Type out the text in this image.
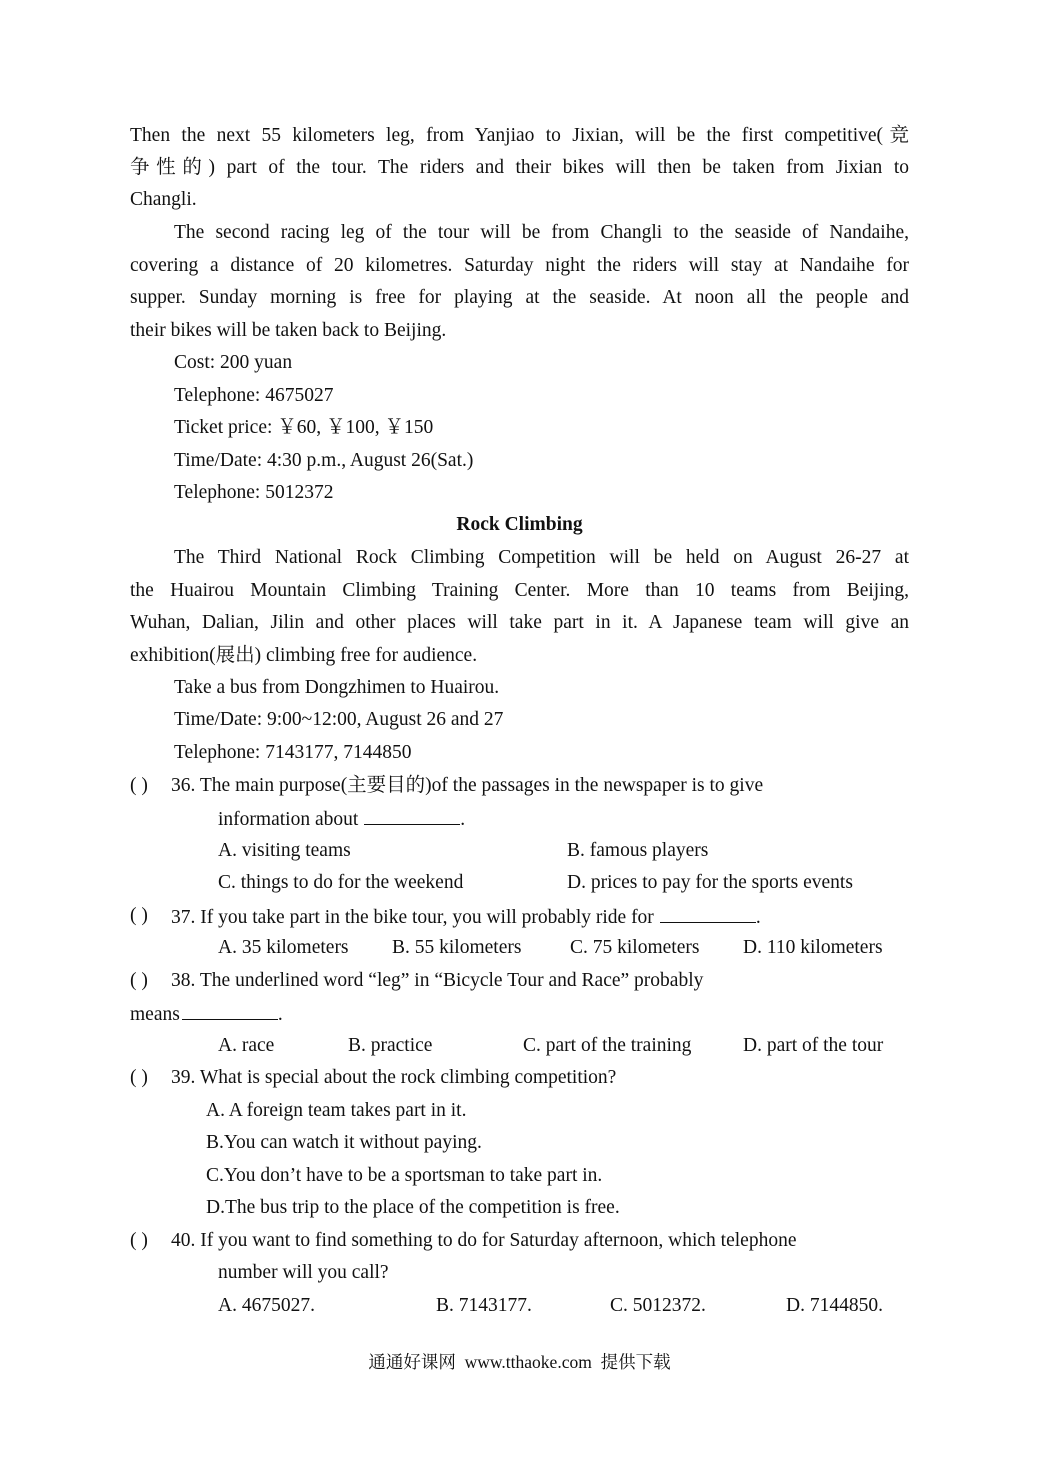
Then the next 55 kilometers leg, from Yanjiao to Jixian, will be the first competitive(竞
争性的) part of the tour. The riders and their bikes will then be taken from Jixian to
Changli.
The second racing leg of the tour will be from Changli to the seaside of Nandaihe,
covering a distance of 20 kilometres. Saturday night the riders will stay at Nandaihe for
supper. Sunday morning is free for playing at the seaside. At noon all the people and
their bikes will be taken back to Beijing.
Cost: 200 yuan
Telephone: 4675027
Ticket price: ￥60, ￥100, ￥150
Time/Date: 4:30 p.m., August 26(Sat.)
Telephone: 5012372
Rock Climbing
The Third National Rock Climbing Competition will be held on August 26-27 at
the Huairou Mountain Climbing Training Center. More than 10 teams from Beijing,
Wuhan, Dalian, Jilin and other places will take part in it. A Japanese team will give an
exhibition(展出) climbing free for audience.
Take a bus from Dongzhimen to Huairou.
Time/Date: 9:00~12:00, August 26 and 27
Telephone: 7143177, 7144850
( ) 36. The main purpose(主要目的)of the passages in the newspaper is to give
information about	.
A. visiting teams	B. famous players
C. things to do for the weekend	D. prices to pay for the sports events
( ) 37. If you take part in the bike tour, you will probably ride for	.
A. 35 kilometers B. 55 kilometers C. 75 kilometers D. 110 kilometers
( ) 38. The underlined word “leg” in “Bicycle Tour and Race” probably
means	.
A. race	B. practice	C. part of the training	D. part of the tour
( ) 39. What is special about the rock climbing competition?
A. A foreign team takes part in it.
B.You can watch it without paying.
C.You don’t have to be a sportsman to take part in.
D.The bus trip to the place of the competition is free.
( ) 40. If you want to find something to do for Saturday afternoon, which telephone
number will you call?
A. 4675027.	B. 7143177.	C. 5012372.	D. 7144850.
通通好课网  www.tthaoke.com  提供下载
